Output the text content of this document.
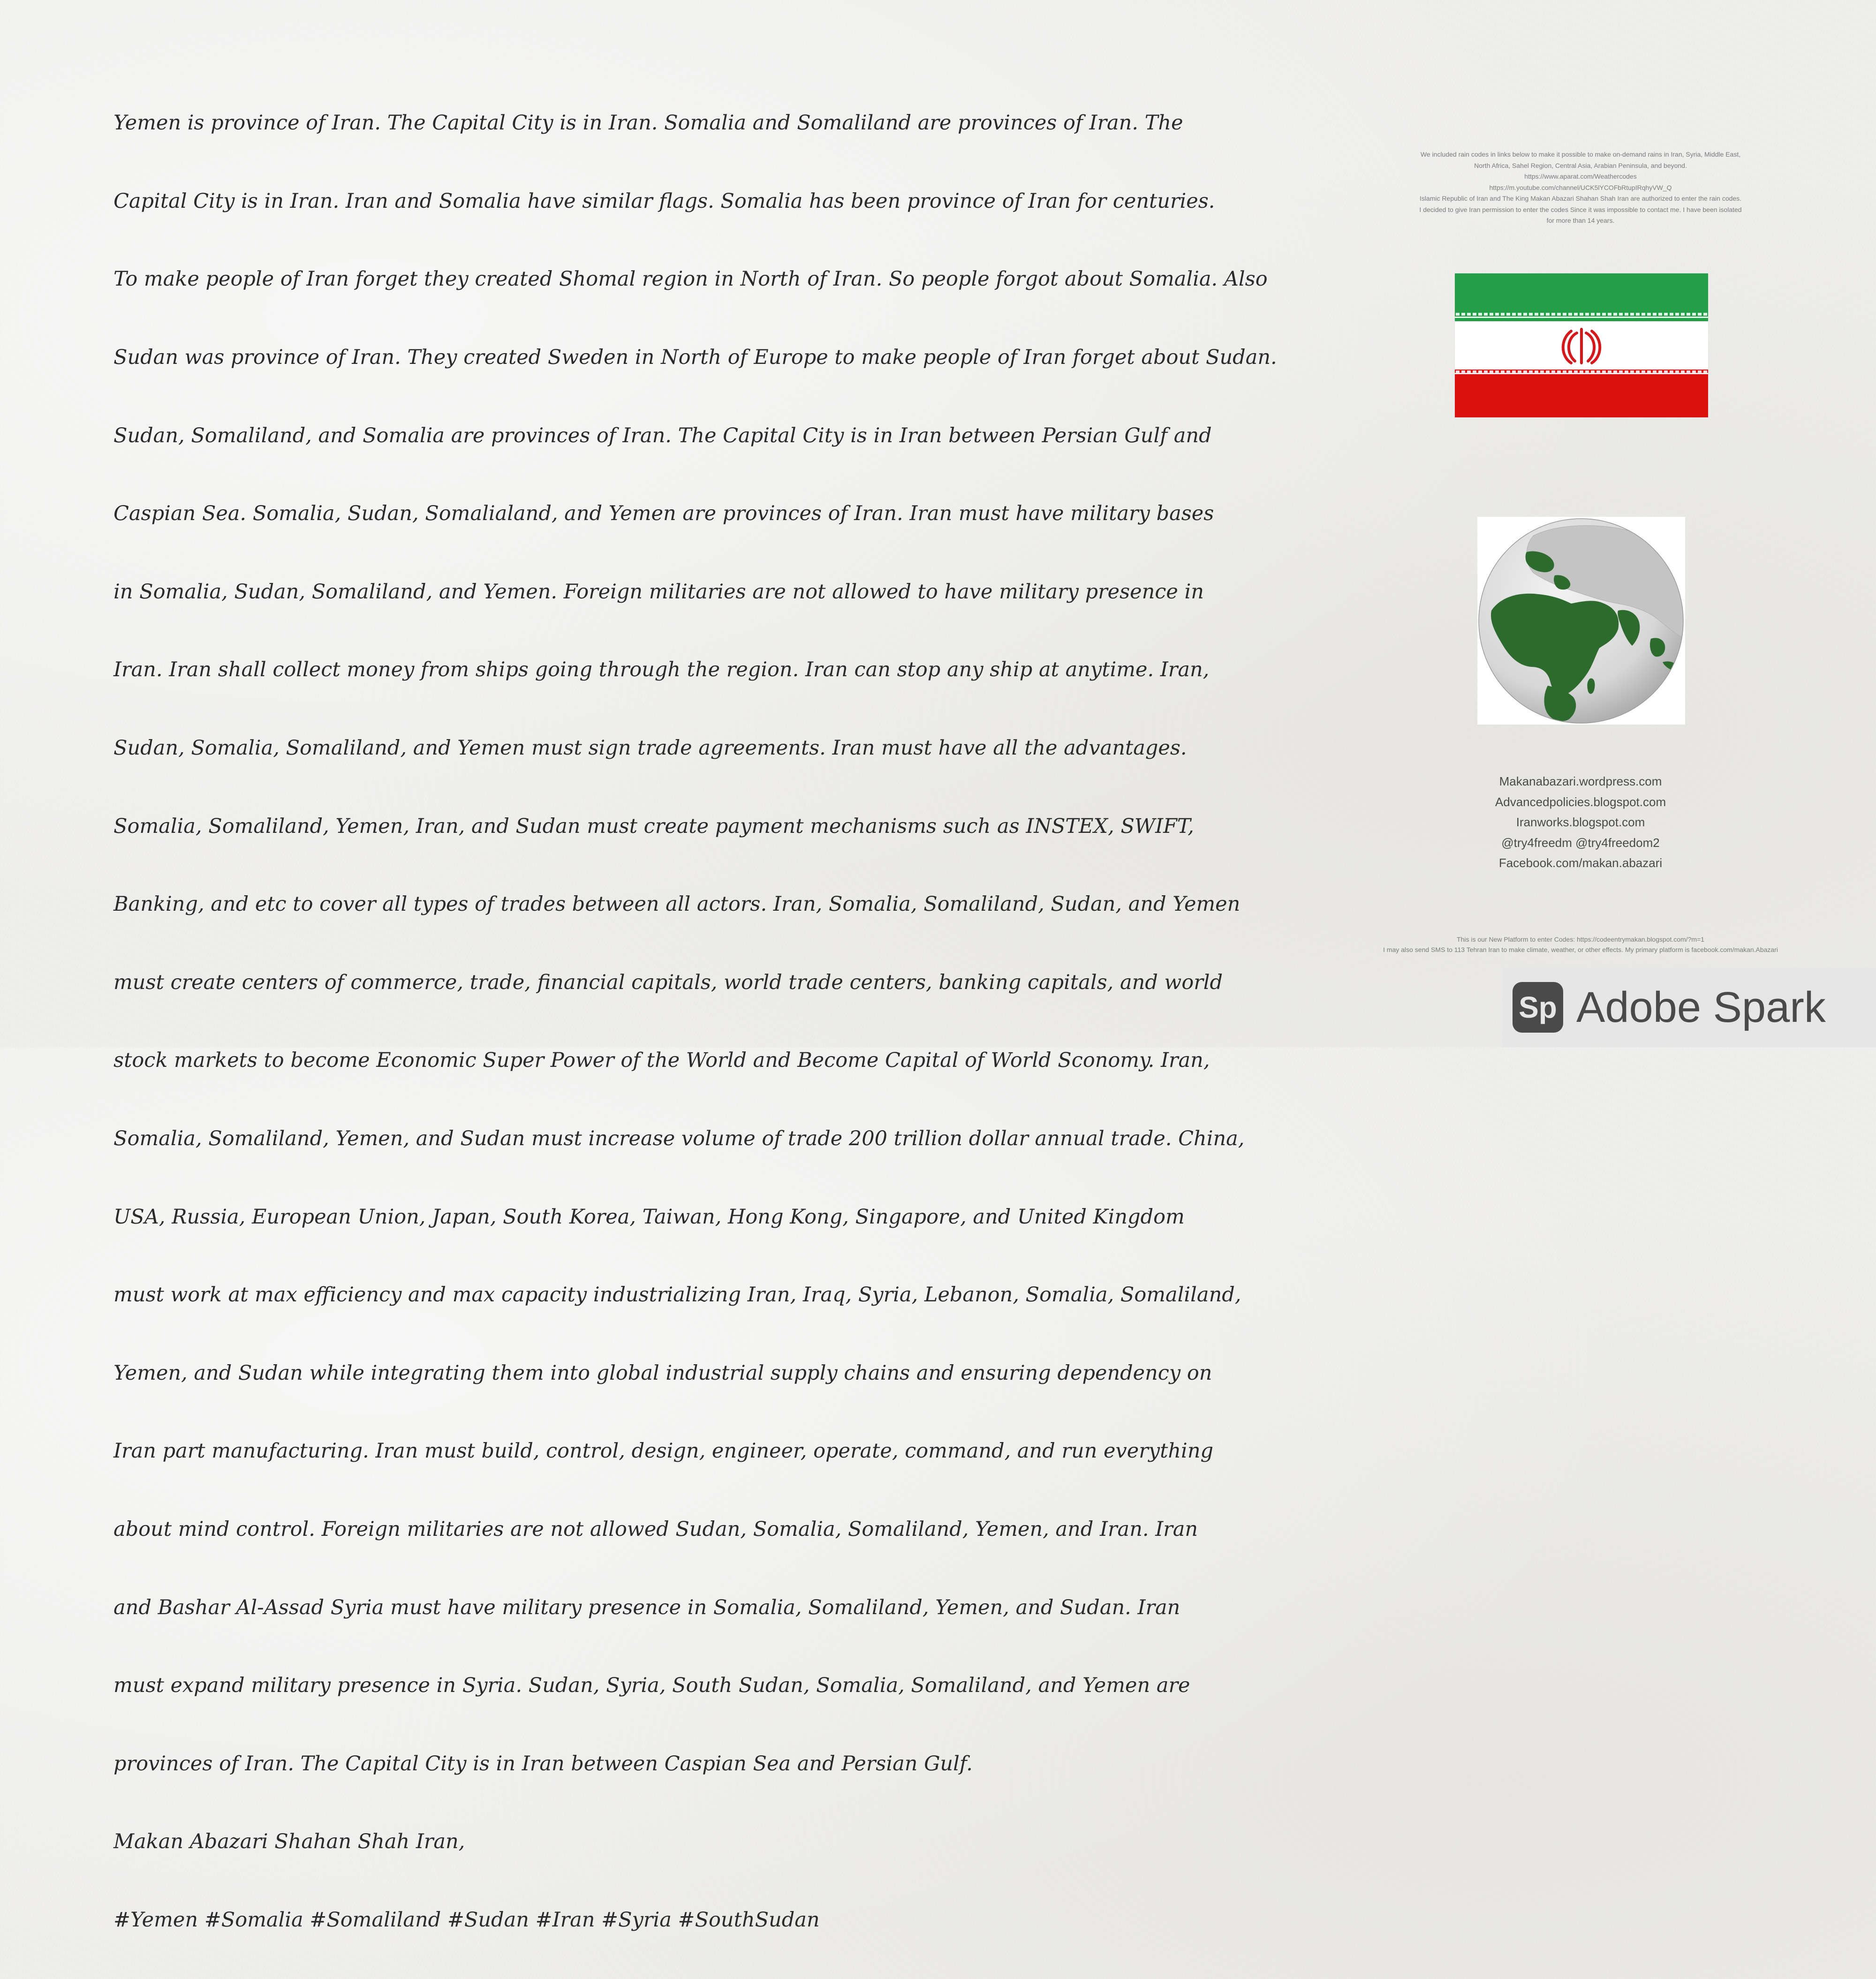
Yemen is province of Iran. The Capital City is in Iran. Somalia and Somaliland are provinces of Iran. The

Capital City is in Iran. Iran and Somalia have similar flags. Somalia has been province of Iran for centuries.

To make people of Iran forget they created Shomal region in North of Iran. So people forgot about Somalia. Also

Sudan was province of Iran. They created Sweden in North of Europe to make people of Iran forget about Sudan.

Sudan, Somaliland, and Somalia are provinces of Iran. The Capital City is in Iran between Persian Gulf and

Caspian Sea. Somalia, Sudan, Somalialand, and Yemen are provinces of Iran. Iran must have military bases

in Somalia, Sudan, Somaliland, and Yemen. Foreign militaries are not allowed to have military presence in

Iran. Iran shall collect money from ships going through the region. Iran can stop any ship at anytime. Iran,

Sudan, Somalia, Somaliland, and Yemen must sign trade agreements. Iran must have all the advantages.

Somalia, Somaliland, Yemen, Iran, and Sudan must create payment mechanisms such as INSTEX, SWIFT,

Banking, and etc to cover all types of trades between all actors. Iran, Somalia, Somaliland, Sudan, and Yemen

must create centers of commerce, trade, financial capitals, world trade centers, banking capitals, and world

stock markets to become Economic Super Power of the World and Become Capital of World Sconomy. Iran,

Somalia, Somaliland, Yemen, and Sudan must increase volume of trade 200 trillion dollar annual trade. China,

USA, Russia, European Union, Japan, South Korea, Taiwan, Hong Kong, Singapore, and United Kingdom

must work at max efficiency and max capacity industrializing Iran, Iraq, Syria, Lebanon, Somalia, Somaliland,

Yemen, and Sudan while integrating them into global industrial supply chains and ensuring dependency on

Iran part manufacturing. Iran must build, control, design, engineer, operate, command, and run everything

about mind control. Foreign militaries are not allowed Sudan, Somalia, Somaliland, Yemen, and Iran. Iran

and Bashar Al-Assad Syria must have military presence in Somalia, Somaliland, Yemen, and Sudan. Iran

must expand military presence in Syria. Sudan, Syria, South Sudan, Somalia, Somaliland, and Yemen are

provinces of Iran. The Capital City is in Iran between Caspian Sea and Persian Gulf.

Makan Abazari Shahan Shah Iran,

#Yemen #Somalia #Somaliland #Sudan #Iran #Syria #SouthSudan

We included rain codes in links below to make it possible to make on-demand rains in Iran, Syria, Middle East,
North Africa, Sahel Region, Central Asia, Arabian Peninsula, and beyond.
https://www.aparat.com/Weathercodes
https://m.youtube.com/channel/UCK5lYCOFbRtupIRqhyVW_Q
Islamic Republic of Iran and The King Makan Abazari Shahan Shah Iran are authorized to enter the rain codes.
I decided to give Iran permission to enter the codes Since it was impossible to contact me. I have been isolated
for more than 14 years.
Makanabazari.wordpress.com
Advancedpolicies.blogspot.com
Iranworks.blogspot.com
@try4freedm @try4freedom2
Facebook.com/makan.abazari
This is our New Platform to enter Codes: https://codeentrymakan.blogspot.com/?m=1
I may also send SMS to 113 Tehran Iran to make climate, weather, or other effects. My primary platform is facebook.com/makan.Abazari
Sp Adobe Spark
